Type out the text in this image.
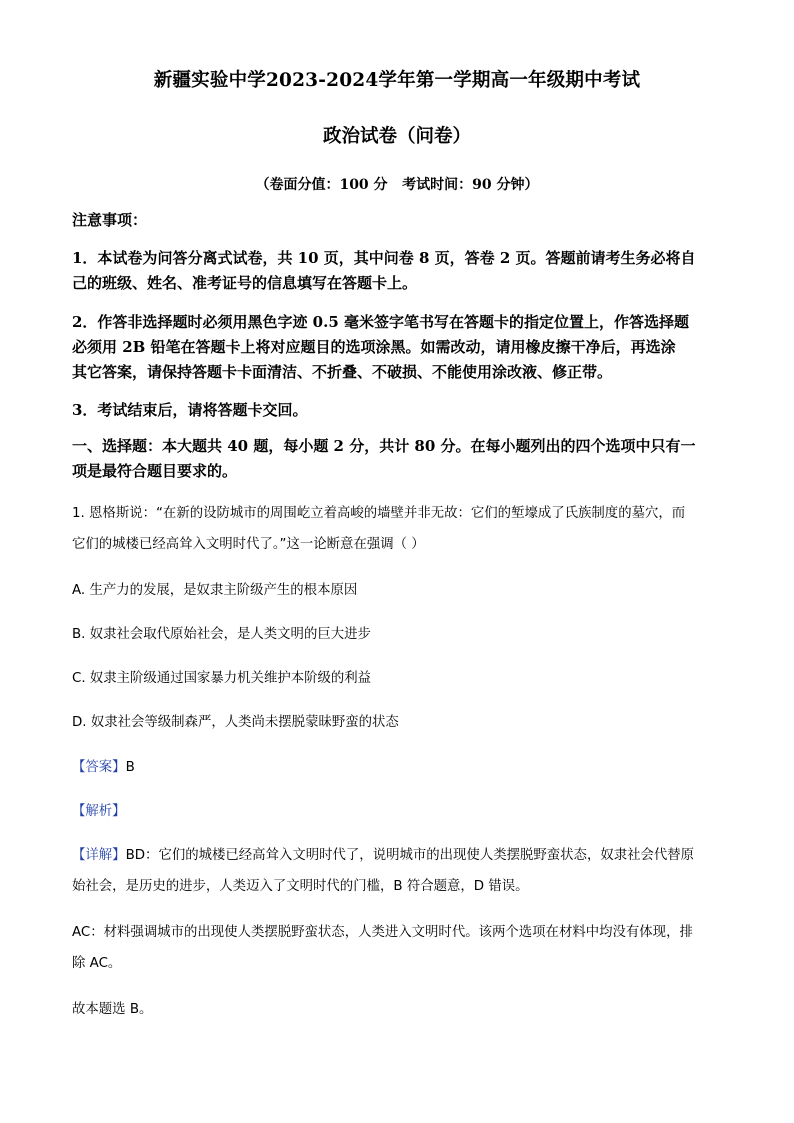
新疆实验中学2023-2024学年第一学期高一年级期中考试
政治试卷（问卷）
（卷面分值：100 分   考试时间：90 分钟）
注意事项：
1．本试卷为问答分离式试卷，共 10 页，其中问卷 8 页，答卷 2 页。答题前请考生务必将自
己的班级、姓名、准考证号的信息填写在答题卡上。
2．作答非选择题时必须用黑色字迹 0.5 毫米签字笔书写在答题卡的指定位置上，作答选择题
必须用 2B 铅笔在答题卡上将对应题目的选项涂黑。如需改动，请用橡皮擦干净后，再选涂
其它答案，请保持答题卡卡面清洁、不折叠、不破损、不能使用涂改液、修正带。
3．考试结束后，请将答题卡交回。
一、选择题：本大题共 40 题，每小题 2 分，共计 80 分。在每小题列出的四个选项中只有一
项是最符合题目要求的。
1. 恩格斯说：“在新的设防城市的周围屹立着高峻的墙壁并非无故：它们的堑壕成了氏族制度的墓穴，而
它们的城楼已经高耸入文明时代了。”这一论断意在强调（ ）
A. 生产力的发展，是奴隶主阶级产生的根本原因
B. 奴隶社会取代原始社会，是人类文明的巨大进步
C. 奴隶主阶级通过国家暴力机关维护本阶级的利益
D. 奴隶社会等级制森严，人类尚未摆脱蒙昧野蛮的状态
【答案】B
【解析】
【详解】BD：它们的城楼已经高耸入文明时代了，说明城市的出现使人类摆脱野蛮状态，奴隶社会代替原
始社会，是历史的进步，人类迈入了文明时代的门槛，B 符合题意，D 错误。
AC：材料强调城市的出现使人类摆脱野蛮状态，人类进入文明时代。该两个选项在材料中均没有体现，排
除 AC。
故本题选 B。
